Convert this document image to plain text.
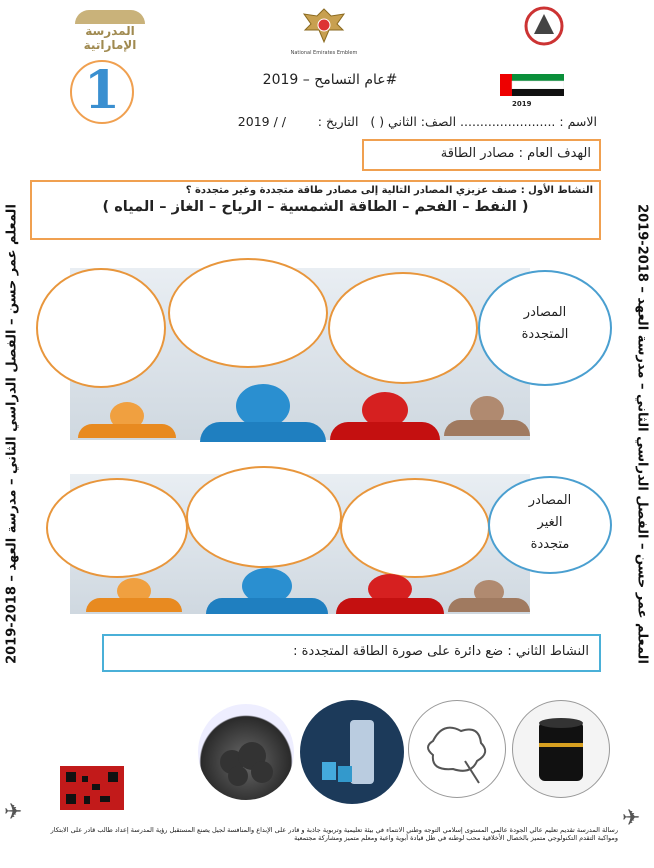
المعلم عمر حسن – الفصل الدراسي الثاني – مدرسة العهد – 2018-2019	المعلم عمر حسن – الفصل الدراسي الثاني – مدرسة العهد – 2018-2019
المدرسة الإماراتية
National Emirates Emblem
1	#عام التسامح – 2019
2019
الاسم : ........................ الصف: الثاني ( )   التاريخ :        2019 / /
الهدف العام : مصادر الطاقة
النشاط الأول : صنف عزيزي المصادر التالية إلى مصادر طاقة متجددة وغير متجددة ؟
( النفط – الفحم – الطاقة الشمسية – الرياح – الغاز – المياه )
المصادر المتجددة
المصادر الغير متجددة
النشاط الثاني : ضع دائرة على صورة الطاقة المتجددة :
✈	✈
رسالة المدرسة تقديم تعليم عالي الجودة عالمي المستوى إسلامي التوجه وطني الانتماء في بيئة تعليمية وتربوية جاذبة و قادر على الإبداع والمنافسة لجيل يصنع المستقبل رؤية المدرسة إعداد طالب قادر على الابتكار ومواكبة التقدم التكنولوجي متميز بالخصال الأخلاقية محب لوطنه في ظل قيادة أبوية واعية ومعلم متميز ومشاركة مجتمعية
